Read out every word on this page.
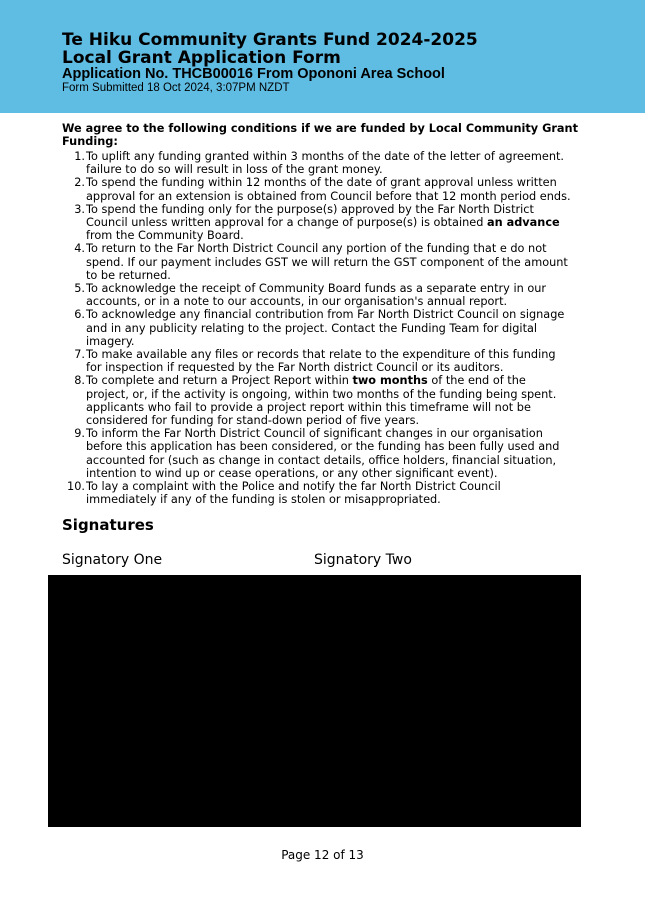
Te Hiku Community Grants Fund 2024-2025
Local Grant Application Form
Application No. THCB00016 From Opononi Area School
Form Submitted 18 Oct 2024, 3:07PM NZDT
We agree to the following conditions if we are funded by Local Community Grant Funding:
1. To uplift any funding granted within 3 months of the date of the letter of agreement. failure to do so will result in loss of the grant money.
2. To spend the funding within 12 months of the date of grant approval unless written approval for an extension is obtained from Council before that 12 month period ends.
3. To spend the funding only for the purpose(s) approved by the Far North District Council unless written approval for a change of purpose(s) is obtained an advance from the Community Board.
4. To return to the Far North District Council any portion of the funding that e do not spend. If our payment includes GST we will return the GST component of the amount to be returned.
5. To acknowledge the receipt of Community Board funds as a separate entry in our accounts, or in a note to our accounts, in our organisation's annual report.
6. To acknowledge any financial contribution from Far North District Council on signage and in any publicity relating to the project. Contact the Funding Team for digital imagery.
7. To make available any files or records that relate to the expenditure of this funding for inspection if requested by the Far North district Council or its auditors.
8. To complete and return a Project Report within two months of the end of the project, or, if the activity is ongoing, within two months of the funding being spent. applicants who fail to provide a project report within this timeframe will not be considered for funding for stand-down period of five years.
9. To inform the Far North District Council of significant changes in our organisation before this application has been considered, or the funding has been fully used and accounted for (such as change in contact details, office holders, financial situation, intention to wind up or cease operations, or any other significant event).
10. To lay a complaint with the Police and notify the far North District Council immediately if any of the funding is stolen or misappropriated.
Signatures
Signatory One	Signatory Two
Page 12 of 13
